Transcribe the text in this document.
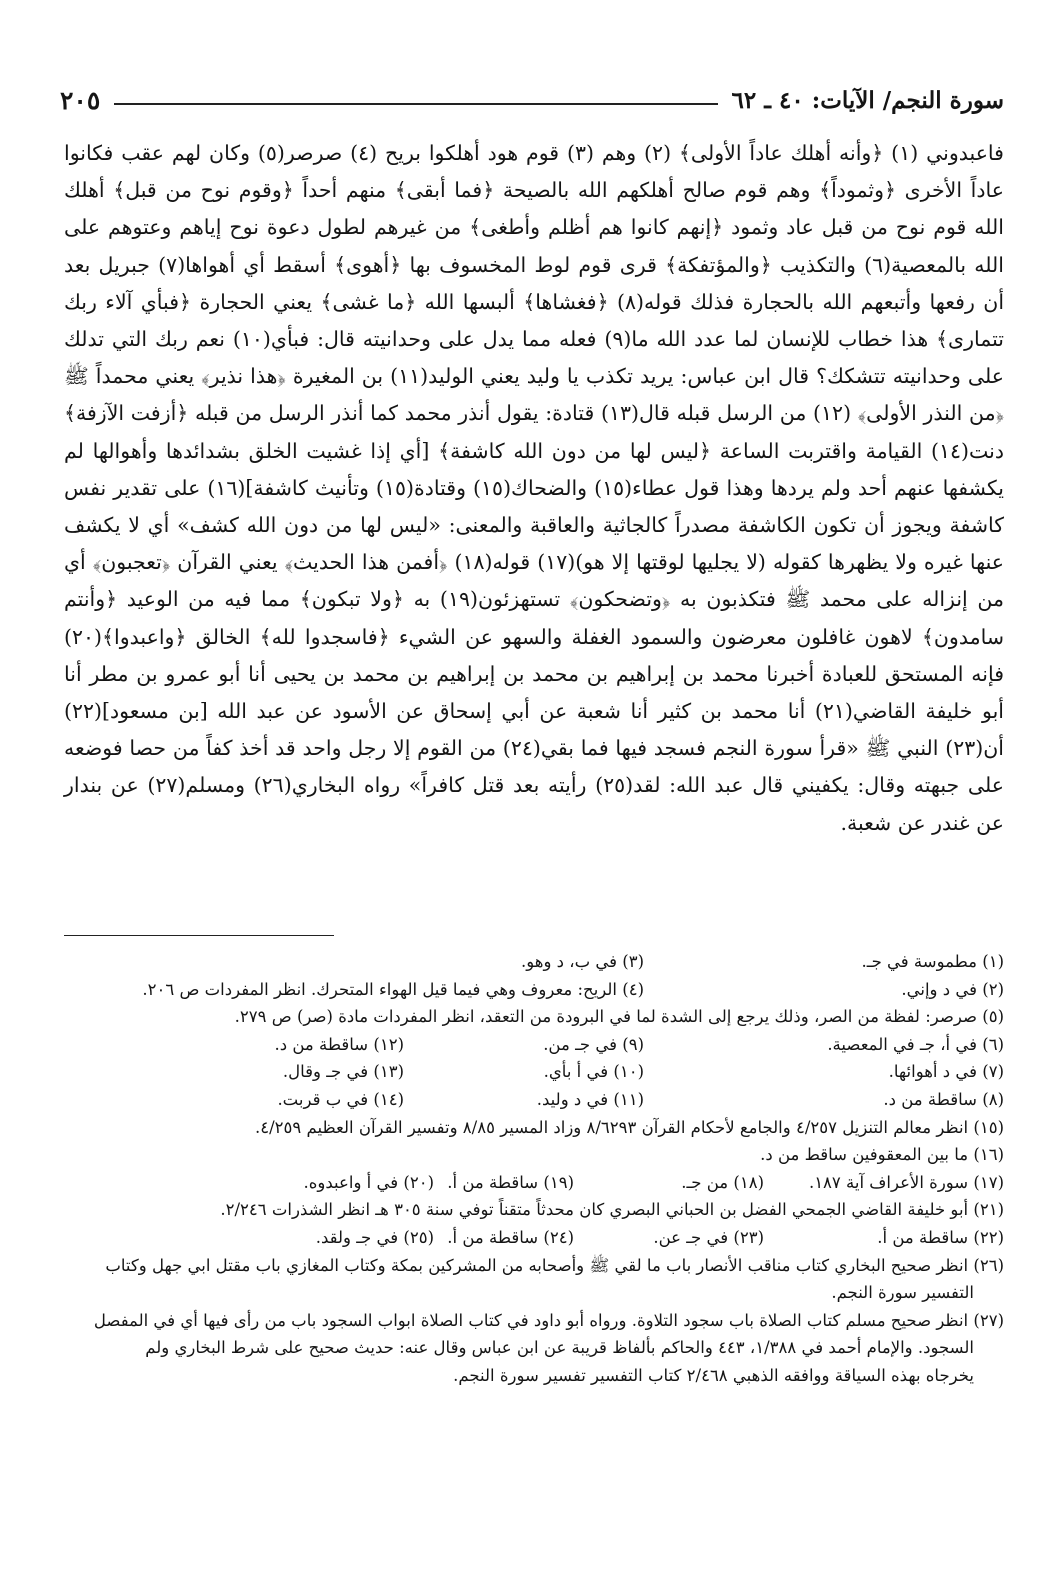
سورة النجم/ الآيات: ٤٠ ـ ٦٢
٢٠٥

فاعبدوني (١) ﴿وأنه أهلك عاداً الأولى﴾ (٢) وهم (٣) قوم هود أهلكوا بريح (٤) صرصر(٥) وكان لهم عقب فكانوا عاداً الأخرى ﴿وثموداً﴾ وهم قوم صالح أهلكهم الله بالصيحة ﴿فما أبقى﴾ منهم أحداً ﴿وقوم نوح من قبل﴾ أهلك الله قوم نوح من قبل عاد وثمود ﴿إنهم كانوا هم أظلم وأطغى﴾ من غيرهم لطول دعوة نوح إياهم وعتوهم على الله بالمعصية(٦) والتكذيب ﴿والمؤتفكة﴾ قرى قوم لوط المخسوف بها ﴿أهوى﴾ أسقط أي أهواها(٧) جبريل بعد أن رفعها وأتبعهم الله بالحجارة فذلك قوله(٨) ﴿فغشاها﴾ ألبسها الله ﴿ما غشى﴾ يعني الحجارة ﴿فبأي آلاء ربك تتمارى﴾ هذا خطاب للإنسان لما عدد الله ما(٩) فعله مما يدل على وحدانيته قال: فبأي(١٠) نعم ربك التي تدلك على وحدانيته تتشكك؟ قال ابن عباس: يريد تكذب يا وليد يعني الوليد(١١) بن المغيرة ﴿هذا نذير﴾ يعني محمداً ﷺ ﴿من النذر الأولى﴾ (١٢) من الرسل قبله قال(١٣) قتادة: يقول أنذر محمد كما أنذر الرسل من قبله ﴿أزفت الآزفة﴾ دنت(١٤) القيامة واقتربت الساعة ﴿ليس لها من دون الله كاشفة﴾ [أي إذا غشيت الخلق بشدائدها وأهوالها لم يكشفها عنهم أحد ولم يردها وهذا قول عطاء(١٥) والضحاك(١٥) وقتادة(١٥) وتأنيث كاشفة](١٦) على تقدير نفس كاشفة ويجوز أن تكون الكاشفة مصدراً كالجاثية والعاقبة والمعنى: «ليس لها من دون الله كشف» أي لا يكشف عنها غيره ولا يظهرها كقوله (لا يجليها لوقتها إلا هو)(١٧) قوله(١٨) ﴿أفمن هذا الحديث﴾ يعني القرآن ﴿تعجبون﴾ أي من إنزاله على محمد ﷺ فتكذبون به ﴿وتضحكون﴾ تستهزئون(١٩) به ﴿ولا تبكون﴾ مما فيه من الوعيد ﴿وأنتم سامدون﴾ لاهون غافلون معرضون والسمود الغفلة والسهو عن الشيء ﴿فاسجدوا لله﴾ الخالق ﴿واعبدوا﴾(٢٠) فإنه المستحق للعبادة أخبرنا محمد بن إبراهيم بن محمد بن إبراهيم بن محمد بن يحيى أنا أبو عمرو بن مطر أنا أبو خليفة القاضي(٢١) أنا محمد بن كثير أنا شعبة عن أبي إسحاق عن الأسود عن عبد الله [بن مسعود](٢٢) أن(٢٣) النبي ﷺ «قرأ سورة النجم فسجد فيها فما بقي(٢٤) من القوم إلا رجل واحد قد أخذ كفاً من حصا فوضعه على جبهته وقال: يكفيني قال عبد الله: لقد(٢٥) رأيته بعد قتل كافراً» رواه البخاري(٢٦) ومسلم(٢٧) عن بندار عن غندر عن شعبة.

(١) مطموسة في جـ.
(٣) في ب، د وهو.
(٢) في د وإني.
(٤) الريح: معروف وهي فيما قيل الهواء المتحرك. انظر المفردات ص ٢٠٦.
(٥) صرصر: لفظة من الصر، وذلك يرجع إلى الشدة لما في البرودة من التعقد، انظر المفردات مادة (صر) ص ٢٧٩.
(٦) في أ، جـ في المعصية.
(٩) في جـ من.
(١٢) ساقطة من د.
(٧) في د أهوائها.
(١٠) في أ بأي.
(١٣) في جـ وقال.
(٨) ساقطة من د.
(١١) في د وليد.
(١٤) في ب قربت.
(١٥) انظر معالم التنزيل ٤/٢٥٧ والجامع لأحكام القرآن ٨/٦٢٩٣ وزاد المسير ٨/٨٥ وتفسير القرآن العظيم ٤/٢٥٩.
(١٦) ما بين المعقوفين ساقط من د.
(١٧) سورة الأعراف آية ١٨٧.
(١٨) من جـ.
(١٩) ساقطة من أ.
(٢٠) في أ واعبدوه.
(٢١) أبو خليفة القاضي الجمحي الفضل بن الحباني البصري كان محدثاً متقناً توفي سنة ٣٠٥ هـ انظر الشذرات ٢/٢٤٦.
(٢٢) ساقطة من أ.
(٢٣) في جـ عن.
(٢٤) ساقطة من أ.
(٢٥) في جـ ولقد.
(٢٦) انظر صحيح البخاري كتاب مناقب الأنصار باب ما لقي ﷺ وأصحابه من المشركين بمكة وكتاب المغازي باب مقتل ابي جهل وكتاب
التفسير سورة النجم.
(٢٧) انظر صحيح مسلم كتاب الصلاة باب سجود التلاوة. ورواه أبو داود في كتاب الصلاة ابواب السجود باب من رأى فيها أي في المفصل
السجود. والإمام أحمد في ١/٣٨٨، ٤٤٣ والحاكم بألفاظ قريبة عن ابن عباس وقال عنه: حديث صحيح على شرط البخاري ولم
يخرجاه بهذه السياقة ووافقه الذهبي ٢/٤٦٨ كتاب التفسير تفسير سورة النجم.
